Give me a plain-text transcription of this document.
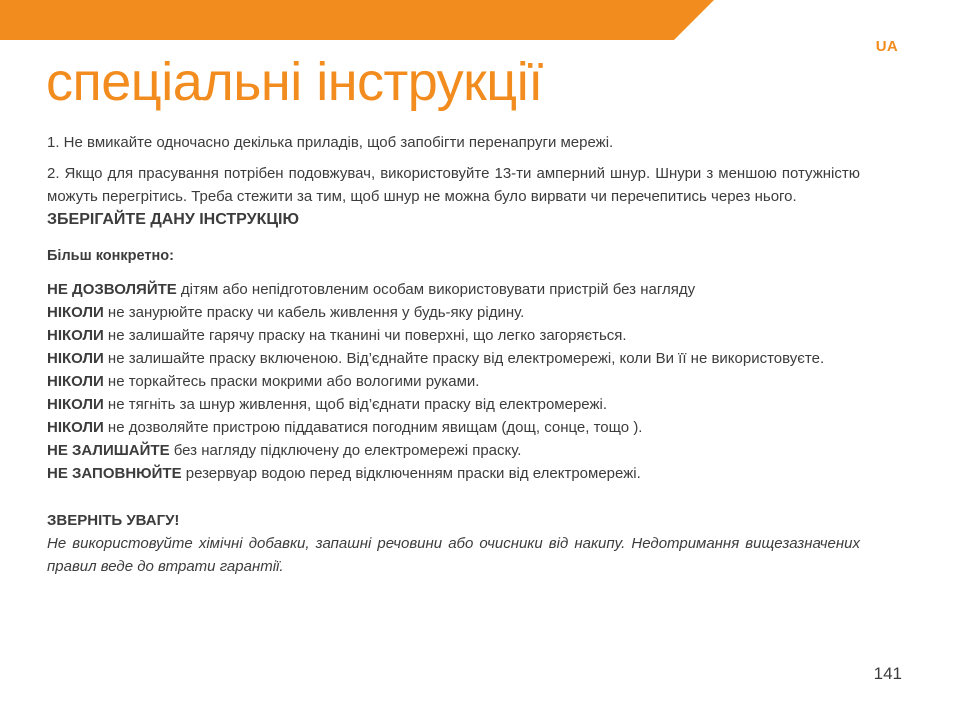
UA
спеціальні інструкції

1. Не вмикайте одночасно декілька приладів, щоб запобігти перенапруги мережі.

2. Якщо для прасування потрібен подовжувач, використовуйте 13-ти амперний шнур. Шнури з меншою потужністю можуть перегрітись. Треба стежити за тим, щоб шнур не можна було вирвати чи перечепитись через нього.

ЗБЕРІГАЙТЕ ДАНУ ІНСТРУКЦІЮ

Більш конкретно:

НЕ ДОЗВОЛЯЙТЕ дітям або непідготовленим особам використовувати пристрій без нагляду

НІКОЛИ не занурюйте праску чи кабель живлення у будь-яку рідину.

НІКОЛИ не залишайте гарячу праску на тканині чи поверхні, що легко загоряється.

НІКОЛИ не залишайте праску включеною. Від’єднайте праску від електромережі, коли Ви її не використовуєте.

НІКОЛИ не торкайтесь праски мокрими або вологими руками.

НІКОЛИ не тягніть за шнур живлення, щоб від’єднати праску від електромережі.

НІКОЛИ не дозволяйте пристрою піддаватися погодним явищам (дощ, сонце, тощо ).

НЕ ЗАЛИШАЙТЕ без нагляду підключену до електромережі праску.

НЕ ЗАПОВНЮЙТЕ резервуар водою перед відключенням праски від електромережі.

ЗВЕРНІТЬ УВАГУ!

Не використовуйте хімічні добавки, запашні речовини або очисники від накипу. Недотримання вищезазначених правил веде до втрати гарантії.

141
